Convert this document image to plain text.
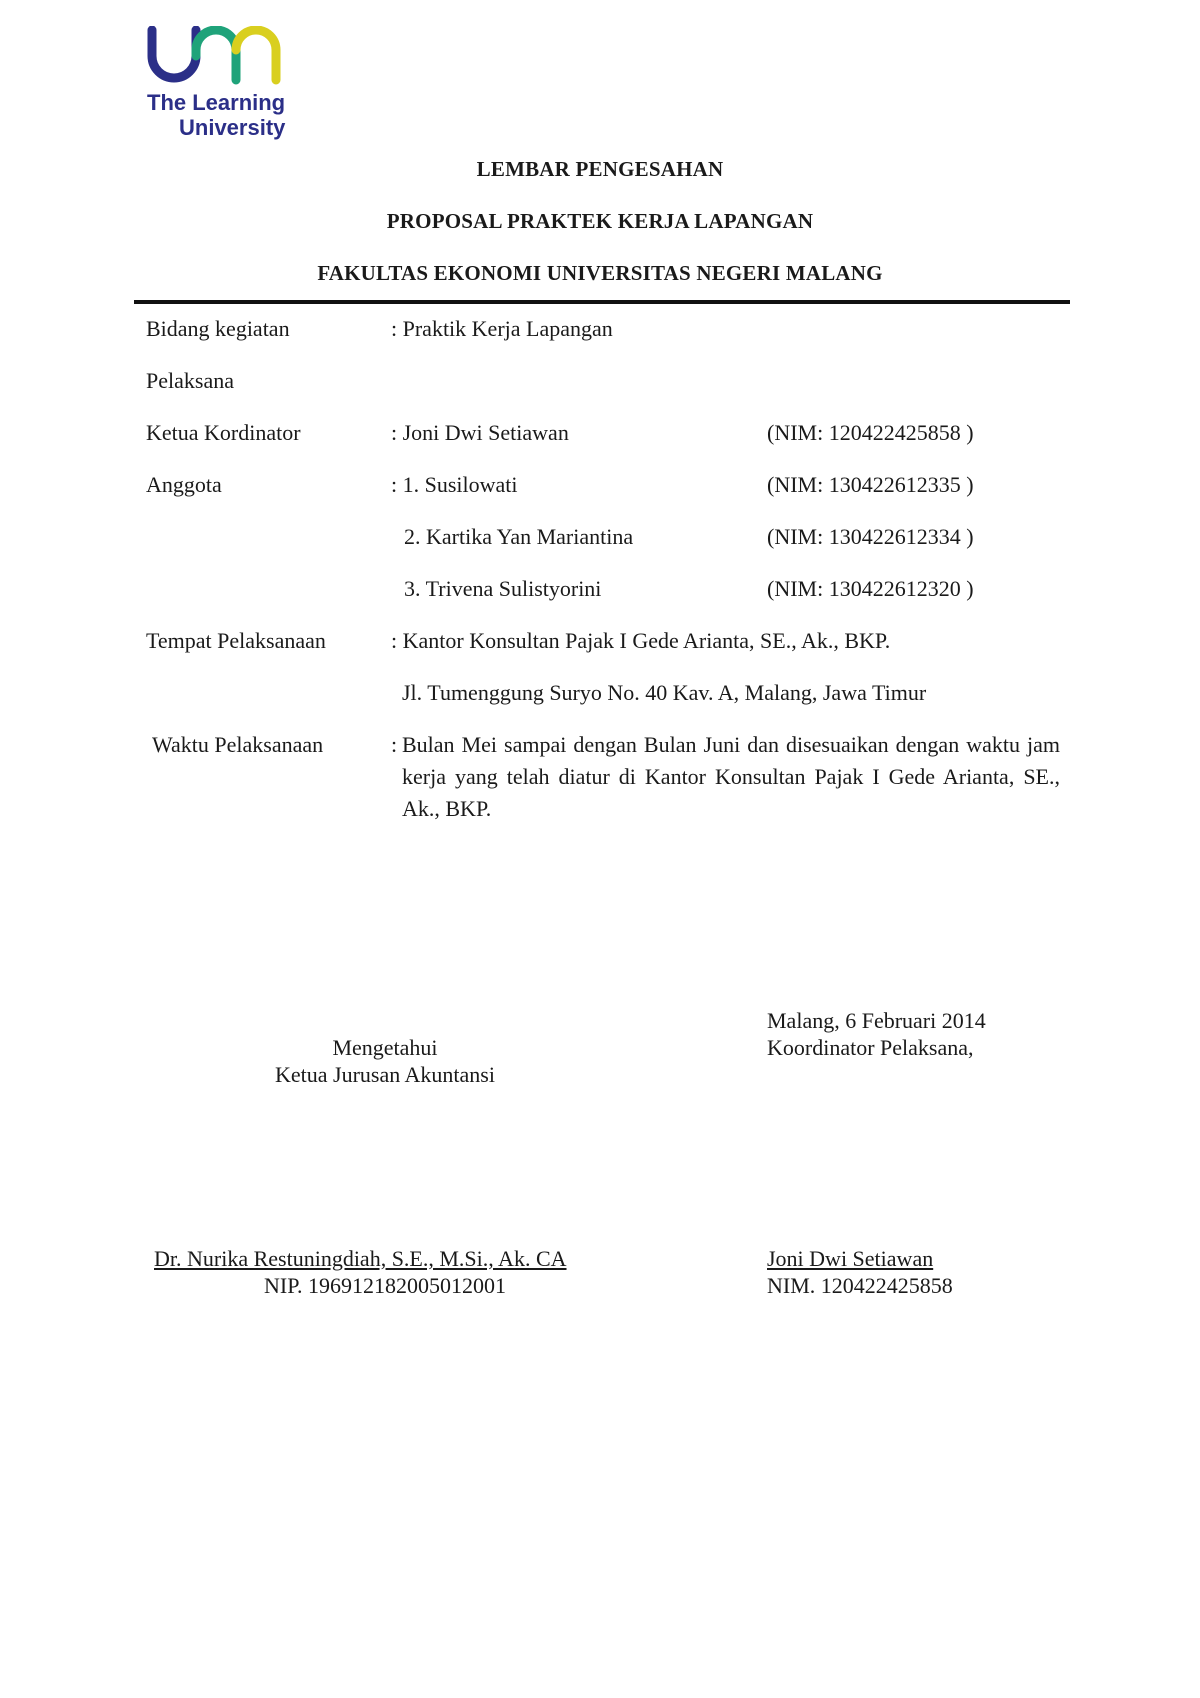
The Learning
University
LEMBAR PENGESAHAN
PROPOSAL PRAKTEK KERJA LAPANGAN
FAKULTAS EKONOMI UNIVERSITAS NEGERI MALANG
Bidang kegiatan	: Praktik Kerja Lapangan
Pelaksana
Ketua Kordinator	: Joni Dwi Setiawan	(NIM: 120422425858 )
Anggota	: 1. Susilowati	(NIM: 130422612335 )
2. Kartika Yan Mariantina	(NIM: 130422612334 )
3. Trivena Sulistyorini	(NIM: 130422612320 )
Tempat Pelaksanaan	: Kantor Konsultan Pajak I Gede Arianta, SE., Ak., BKP.
Jl. Tumenggung Suryo No. 40 Kav. A, Malang, Jawa Timur
Waktu Pelaksanaan	: Bulan Mei sampai dengan Bulan Juni dan disesuaikan dengan waktu jam kerja yang telah diatur di Kantor Konsultan Pajak I Gede Arianta, SE., Ak., BKP.
Malang, 6 Februari 2014
Koordinator Pelaksana,
Mengetahui
Ketua Jurusan Akuntansi
Dr. Nurika Restuningdiah, S.E., M.Si., Ak. CA
NIP. 196912182005012001
Joni Dwi Setiawan
NIM. 120422425858
